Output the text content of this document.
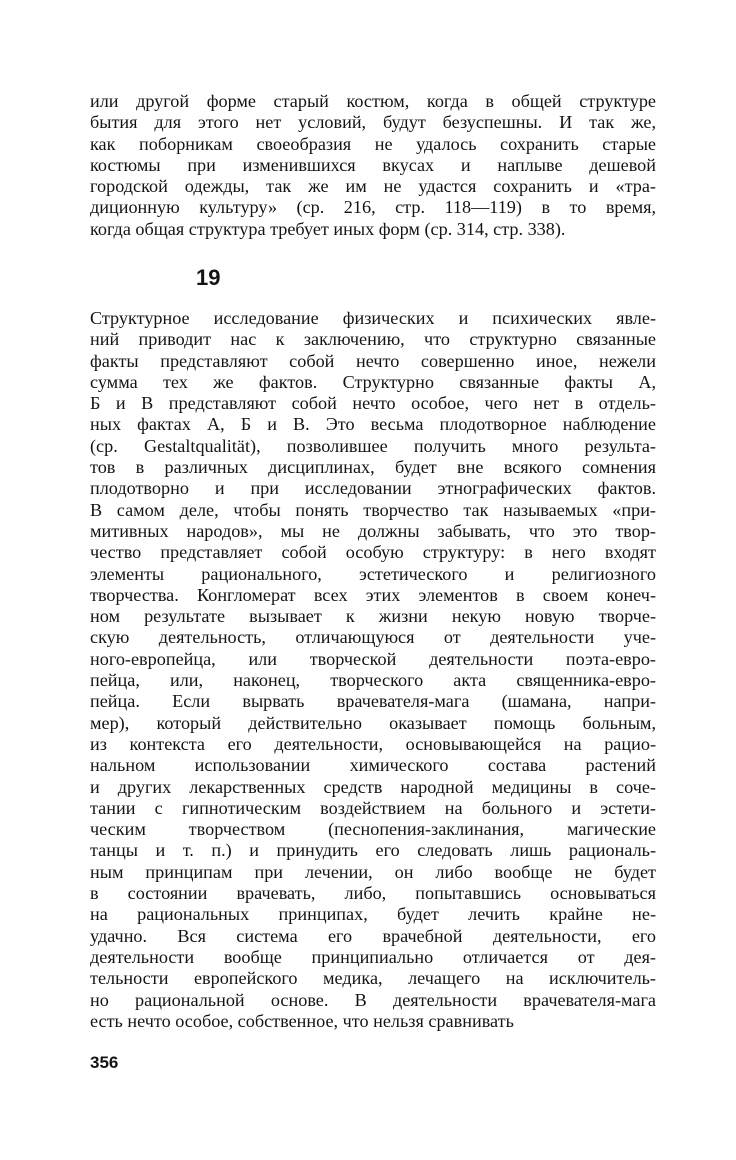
или другой форме старый костюм, когда в общей структуре
бытия для этого нет условий, будут безуспешны. И так же,
как поборникам своеобразия не удалось сохранить старые
костюмы при изменившихся вкусах и наплыве дешевой
городской одежды, так же им не удастся сохранить и «тра-
диционную культуру» (ср. 216, стр. 118—119) в то время,
когда общая структура требует иных форм (ср. 314, стр. 338).
19
Структурное исследование физических и психических явле-
ний приводит нас к заключению, что структурно связанные
факты представляют собой нечто совершенно иное, нежели
сумма тех же фактов. Структурно связанные факты А,
Б и В представляют собой нечто особое, чего нет в отдель-
ных фактах А, Б и В. Это весьма плодотворное наблюдение
(ср. Gestaltqualität), позволившее получить много результа-
тов в различных дисциплинах, будет вне всякого сомнения
плодотворно и при исследовании этнографических фактов.
В самом деле, чтобы понять творчество так называемых «при-
митивных народов», мы не должны забывать, что это твор-
чество представляет собой особую структуру: в него входят
элементы рационального, эстетического и религиозного
творчества. Конгломерат всех этих элементов в своем конеч-
ном результате вызывает к жизни некую новую творче-
скую деятельность, отличающуюся от деятельности уче-
ного-европейца, или творческой деятельности поэта-евро-
пейца, или, наконец, творческого акта священника-евро-
пейца. Если вырвать врачевателя-мага (шамана, напри-
мер), который действительно оказывает помощь больным,
из контекста его деятельности, основывающейся на рацио-
нальном использовании химического состава растений
и других лекарственных средств народной медицины в соче-
тании с гипнотическим воздействием на больного и эстети-
ческим творчеством (песнопения-заклинания, магические
танцы и т. п.) и принудить его следовать лишь рациональ-
ным принципам при лечении, он либо вообще не будет
в состоянии врачевать, либо, попытавшись основываться
на рациональных принципах, будет лечить крайне не-
удачно. Вся система его врачебной деятельности, его
деятельности вообще принципиально отличается от дея-
тельности европейского медика, лечащего на исключитель-
но рациональной основе. В деятельности врачевателя-мага
есть нечто особое, собственное, что нельзя сравнивать
356
